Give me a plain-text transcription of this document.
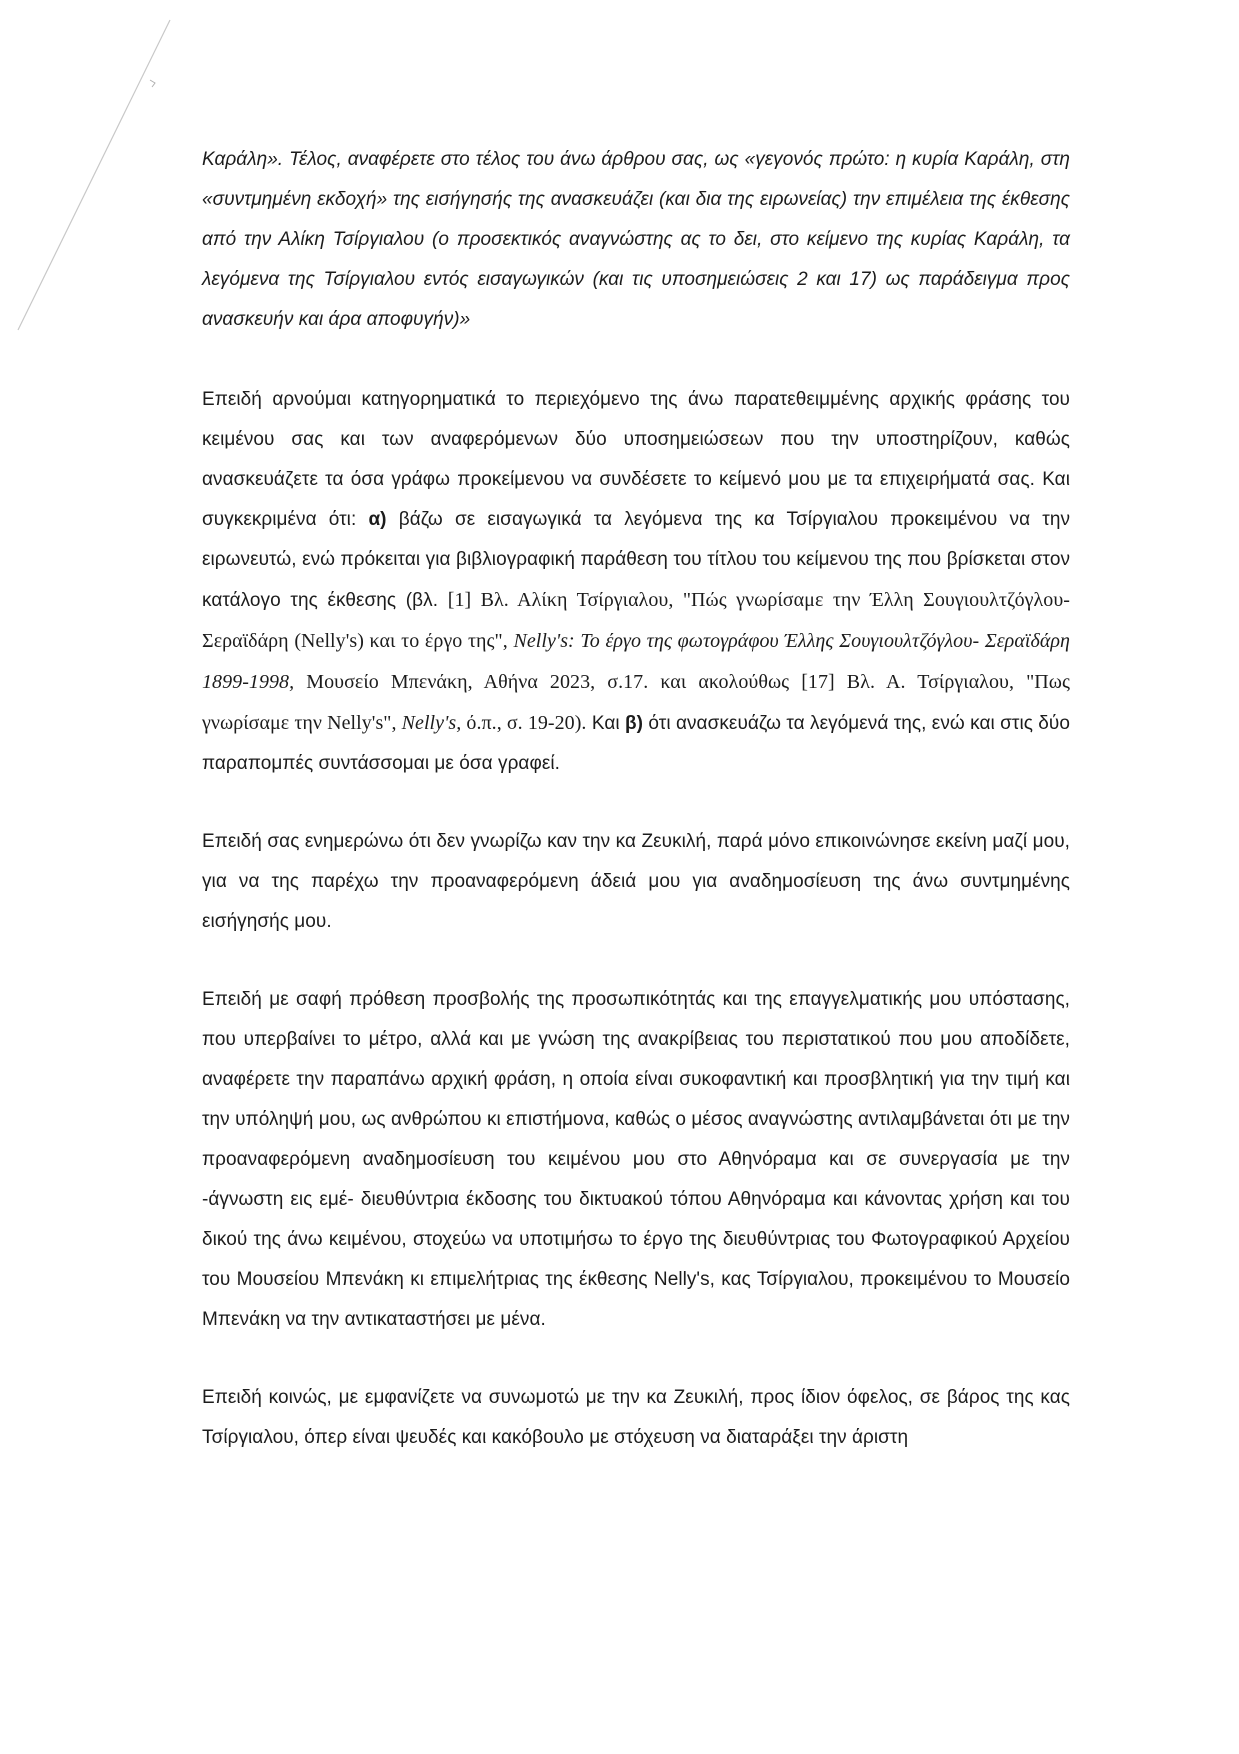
Καράλη». Τέλος, αναφέρετε στο τέλος του άνω άρθρου σας, ως «γεγονός πρώτο: η κυρία Καράλη, στη «συντμημένη εκδοχή» της εισήγησής της ανασκευάζει (και δια της ειρωνείας) την επιμέλεια της έκθεσης από την Αλίκη Τσίργιαλου (ο προσεκτικός αναγνώστης ας το δει, στο κείμενο της κυρίας Καράλη, τα λεγόμενα της Τσίργιαλου εντός εισαγωγικών (και τις υποσημειώσεις 2 και 17) ως παράδειγμα προς ανασκευήν και άρα αποφυγήν)»

Επειδή αρνούμαι κατηγορηματικά το περιεχόμενο της άνω παρατεθειμμένης αρχικής φράσης του κειμένου σας και των αναφερόμενων δύο υποσημειώσεων που την υποστηρίζουν, καθώς ανασκευάζετε τα όσα γράφω προκείμενου να συνδέσετε το κείμενό μου με τα επιχειρήματά σας. Και συγκεκριμένα ότι: α) βάζω σε εισαγωγικά τα λεγόμενα της κα Τσίργιαλου προκειμένου να την ειρωνευτώ, ενώ πρόκειται για βιβλιογραφική παράθεση του τίτλου του κείμενου της που βρίσκεται στον κατάλογο της έκθεσης (βλ. [1] Βλ. Αλίκη Τσίργιαλου, "Πώς γνωρίσαμε την Έλλη Σουγιουλτζόγλου-Σεραϊδάρη (Nelly's) και το έργο της", Nelly's: Το έργο της φωτογράφου Έλλης Σουγιουλτζόγλου- Σεραϊδάρη 1899-1998, Μουσείο Μπενάκη, Αθήνα 2023, σ.17. και ακολούθως [17] Βλ. Α. Τσίργιαλου, "Πως γνωρίσαμε την Nelly's", Nelly's, ό.π., σ. 19-20). Και β) ότι ανασκευάζω τα λεγόμενά της, ενώ και στις δύο παραπομπές συντάσσομαι με όσα γραφεί.

Επειδή σας ενημερώνω ότι δεν γνωρίζω καν την κα Ζευκιλή, παρά μόνο επικοινώνησε εκείνη μαζί μου, για να της παρέχω την προαναφερόμενη άδειά μου για αναδημοσίευση της άνω συντμημένης εισήγησής μου.

Επειδή με σαφή πρόθεση προσβολής της προσωπικότητάς και της επαγγελματικής μου υπόστασης, που υπερβαίνει το μέτρο, αλλά και με γνώση της ανακρίβειας του περιστατικού που μου αποδίδετε, αναφέρετε την παραπάνω αρχική φράση, η οποία είναι συκοφαντική και προσβλητική για την τιμή και την υπόληψή μου, ως ανθρώπου κι επιστήμονα, καθώς ο μέσος αναγνώστης αντιλαμβάνεται ότι με την προαναφερόμενη αναδημοσίευση του κειμένου μου στο Αθηνόραμα και σε συνεργασία με την -άγνωστη εις εμέ- διευθύντρια έκδοσης του δικτυακού τόπου Αθηνόραμα και κάνοντας χρήση και του δικού της άνω κειμένου, στοχεύω να υποτιμήσω το έργο της διευθύντριας του Φωτογραφικού Αρχείου του Μουσείου Μπενάκη κι επιμελήτριας της έκθεσης Nelly's, κας Τσίργιαλου, προκειμένου το Μουσείο Μπενάκη να την αντικαταστήσει με μένα.

Επειδή κοινώς, με εμφανίζετε να συνωμοτώ με την κα Ζευκιλή, προς ίδιον όφελος, σε βάρος της κας Τσίργιαλου, όπερ είναι ψευδές και κακόβουλο με στόχευση να διαταράξει την άριστη
